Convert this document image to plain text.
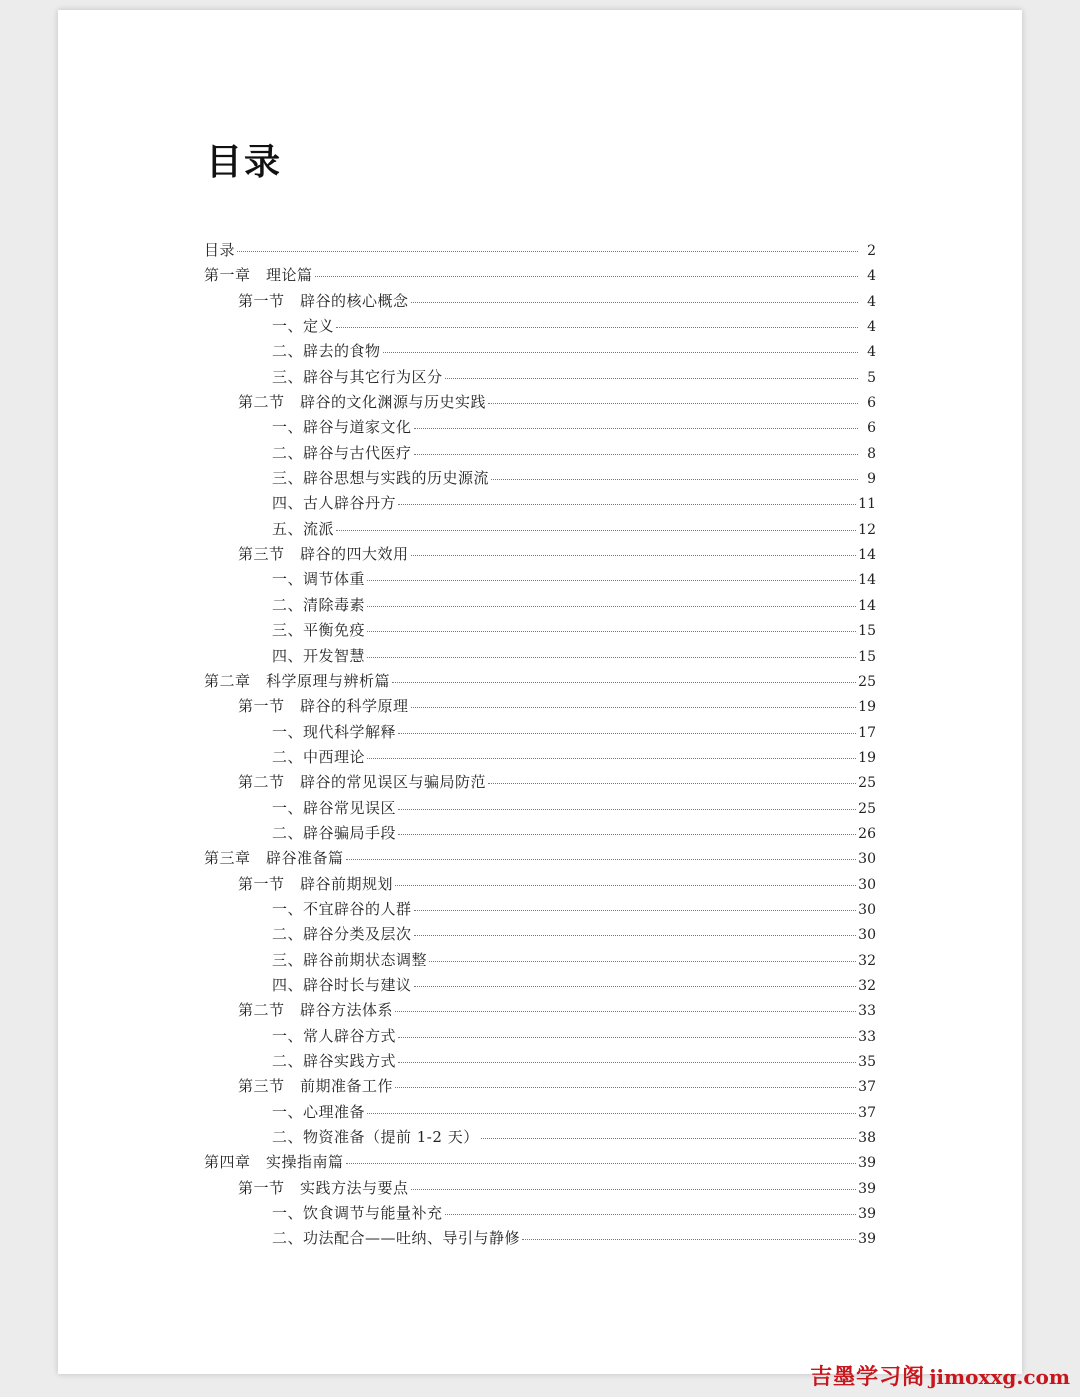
目录
目录	2
第一章　理论篇	4
第一节　辟谷的核心概念	4
一、定义	4
二、辟去的食物	4
三、辟谷与其它行为区分	5
第二节　辟谷的文化渊源与历史实践	6
一、辟谷与道家文化	6
二、辟谷与古代医疗	8
三、辟谷思想与实践的历史源流	9
四、古人辟谷丹方	11
五、流派	12
第三节　辟谷的四大效用	14
一、调节体重	14
二、清除毒素	14
三、平衡免疫	15
四、开发智慧	15
第二章　科学原理与辨析篇	25
第一节　辟谷的科学原理	19
一、现代科学解释	17
二、中西理论	19
第二节　辟谷的常见误区与骗局防范	25
一、辟谷常见误区	25
二、辟谷骗局手段	26
第三章　辟谷准备篇	30
第一节　辟谷前期规划	30
一、不宜辟谷的人群	30
二、辟谷分类及层次	30
三、辟谷前期状态调整	32
四、辟谷时长与建议	32
第二节　辟谷方法体系	33
一、常人辟谷方式	33
二、辟谷实践方式	35
第三节　前期准备工作	37
一、心理准备	37
二、物资准备（提前 1-2 天）	38
第四章　实操指南篇	39
第一节　实践方法与要点	39
一、饮食调节与能量补充	39
二、功法配合——吐纳、导引与静修	39
吉墨学习阁 jimoxxg.com
